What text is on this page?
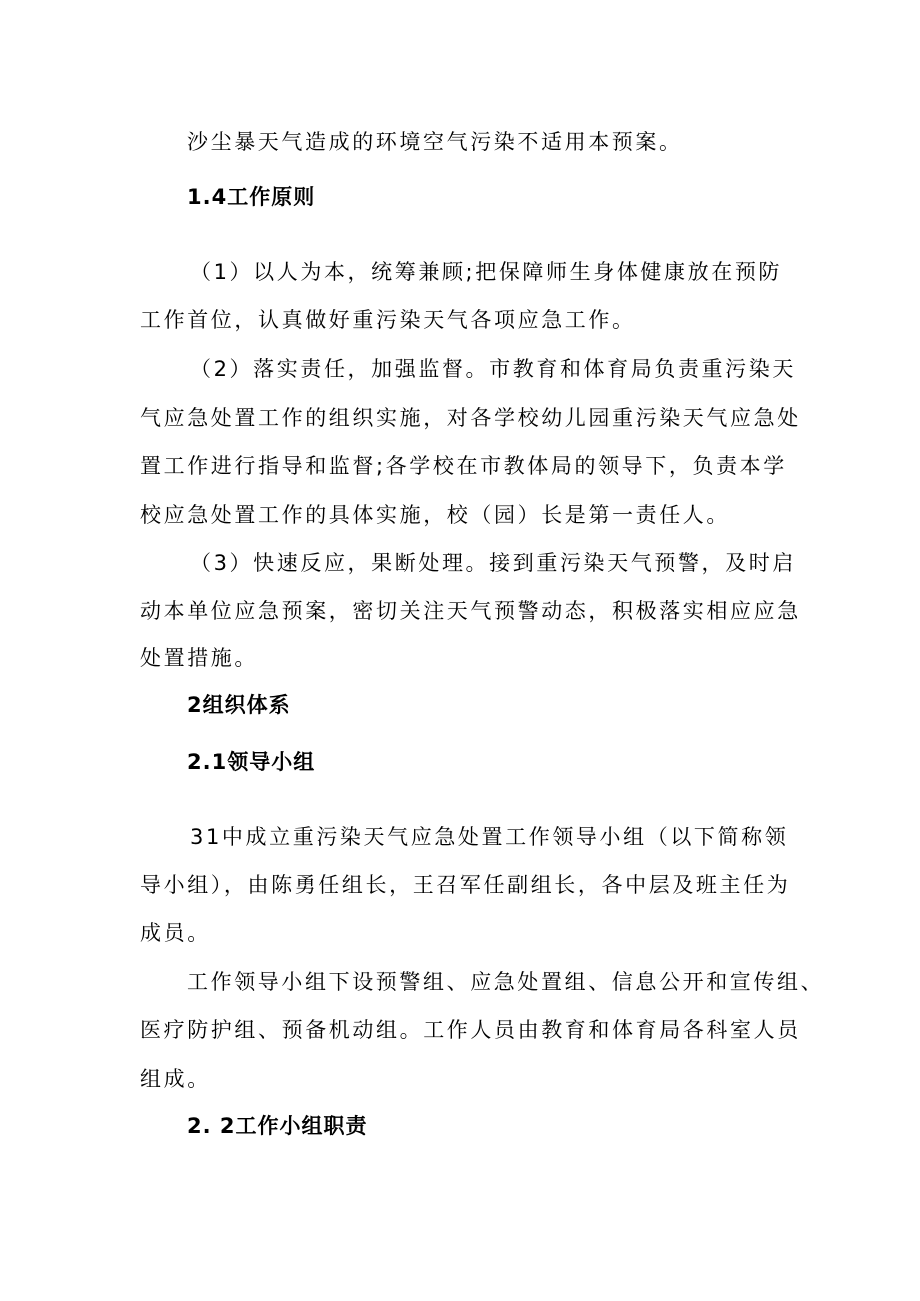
沙尘暴天气造成的环境空气污染不适用本预案。
1.4工作原则
（1）以人为本，统筹兼顾;把保障师生身体健康放在预防
工作首位，认真做好重污染天气各项应急工作。
（2）落实责任，加强监督。市教育和体育局负责重污染天
气应急处置工作的组织实施，对各学校幼儿园重污染天气应急处
置工作进行指导和监督;各学校在市教体局的领导下，负责本学
校应急处置工作的具体实施，校（园）长是第一责任人。
（3）快速反应，果断处理。接到重污染天气预警，及时启
动本单位应急预案，密切关注天气预警动态，积极落实相应应急
处置措施。
2组织体系
2.1领导小组
31中成立重污染天气应急处置工作领导小组（以下简称领
导小组），由陈勇任组长，王召军任副组长，各中层及班主任为
成员。
工作领导小组下设预警组、应急处置组、信息公开和宣传组、
医疗防护组、预备机动组。工作人员由教育和体育局各科室人员
组成。
2. 2工作小组职责
